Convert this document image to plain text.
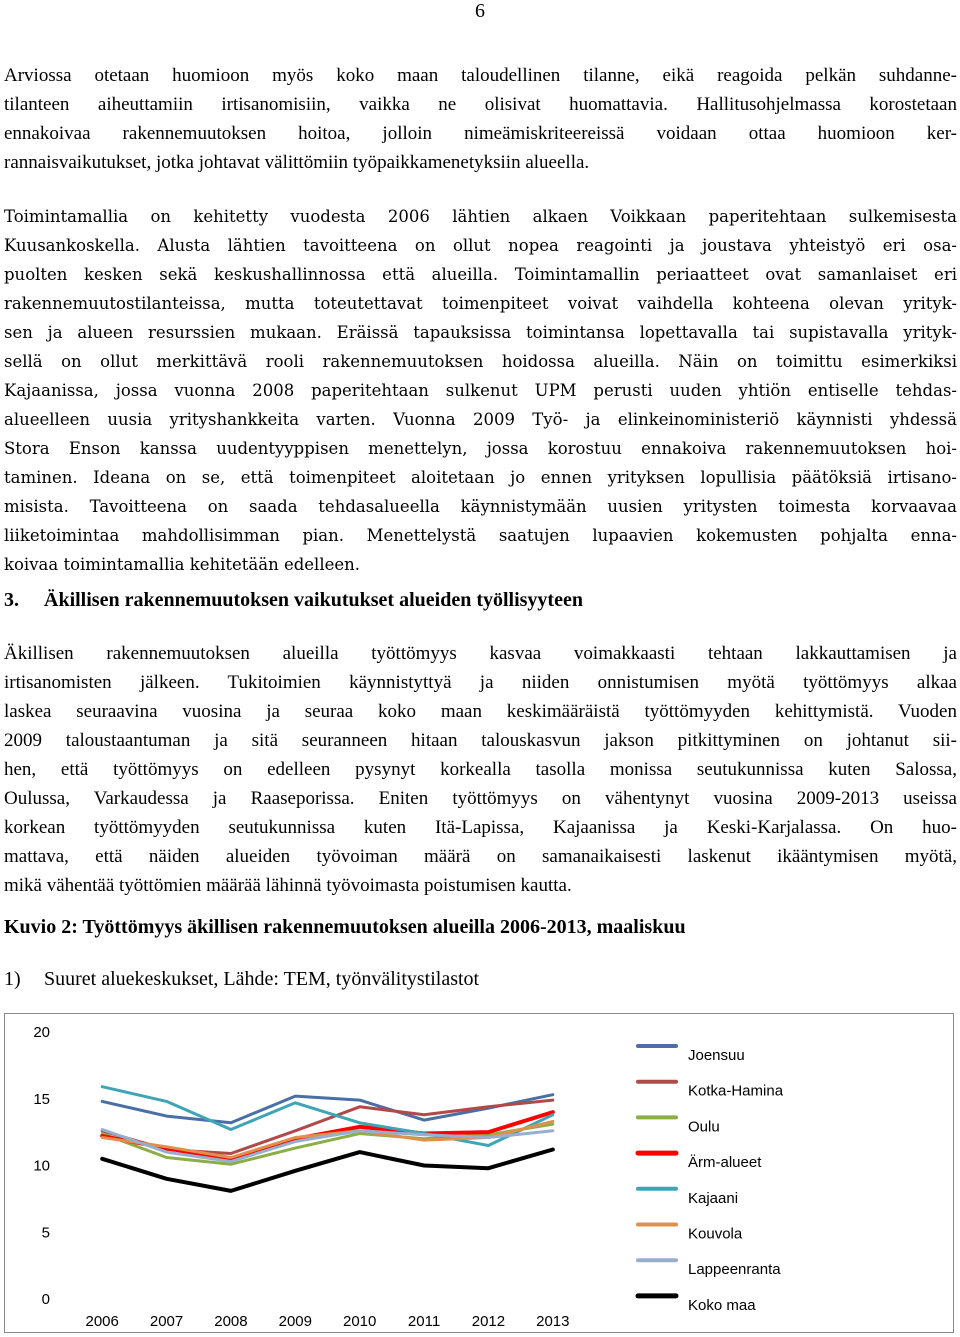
6

Arviossa otetaan huomioon myös koko maan taloudellinen tilanne, eikä reagoida pelkän suhdanne-
tilanteen aiheuttamiin irtisanomisiin, vaikka ne olisivat huomattavia. Hallitusohjelmassa korostetaan
ennakoivaa rakennemuutoksen hoitoa, jolloin nimeämiskriteereissä voidaan ottaa huomioon ker-
rannaisvaikutukset, jotka johtavat välittömiin työpaikkamenetyksiin alueella.

Toimintamallia on kehitetty vuodesta 2006 lähtien alkaen Voikkaan paperitehtaan sulkemisesta
Kuusankoskella. Alusta lähtien tavoitteena on ollut nopea reagointi ja joustava yhteistyö eri osa-
puolten kesken sekä keskushallinnossa että alueilla. Toimintamallin periaatteet ovat samanlaiset eri
rakennemuutostilanteissa, mutta toteutettavat toimenpiteet voivat vaihdella kohteena olevan yrityk-
sen ja alueen resurssien mukaan. Eräissä tapauksissa toimintansa lopettavalla tai supistavalla yrityk-
sellä on ollut merkittävä rooli rakennemuutoksen hoidossa alueilla. Näin on toimittu esimerkiksi
Kajaanissa, jossa vuonna 2008 paperitehtaan sulkenut UPM perusti uuden yhtiön entiselle tehdas-
alueelleen uusia yrityshankkeita varten. Vuonna 2009 Työ- ja elinkeinoministeriö käynnisti yhdessä
Stora Enson kanssa uudentyyppisen menettelyn, jossa korostuu ennakoiva rakennemuutoksen hoi-
taminen. Ideana on se, että toimenpiteet aloitetaan jo ennen yrityksen lopullisia päätöksiä irtisano-
misista. Tavoitteena on saada tehdasalueella käynnistymään uusien yritysten toimesta korvaavaa
liiketoimintaa mahdollisimman pian. Menettelystä saatujen lupaavien kokemusten pohjalta enna-
koivaa toimintamallia kehitetään edelleen.

3. Äkillisen rakennemuutoksen vaikutukset alueiden työllisyyteen

Äkillisen rakennemuutoksen alueilla työttömyys kasvaa voimakkaasti tehtaan lakkauttamisen ja
irtisanomisten jälkeen. Tukitoimien käynnistyttyä ja niiden onnistumisen myötä työttömyys alkaa
laskea seuraavina vuosina ja seuraa koko maan keskimääräistä työttömyyden kehittymistä. Vuoden
2009 taloustaantuman ja sitä seuranneen hitaan talouskasvun jakson pitkittyminen on johtanut sii-
hen, että työttömyys on edelleen pysynyt korkealla tasolla monissa seutukunnissa kuten Salossa,
Oulussa, Varkaudessa ja Raaseporissa. Eniten työttömyys on vähentynyt vuosina 2009-2013 useissa
korkean työttömyyden seutukunnissa kuten Itä-Lapissa, Kajaanissa ja Keski-Karjalassa. On huo-
mattava, että näiden alueiden työvoiman määrä on samanaikaisesti laskenut ikääntymisen myötä,
mikä vähentää työttömien määrää lähinnä työvoimasta poistumisen kautta.

Kuvio 2: Työttömyys äkillisen rakennemuutoksen alueilla 2006-2013, maaliskuu
1) Suuret aluekeskukset, Lähde: TEM, työnvälitystilastot
0
5
10
15
20
2006 2007 2008 2009 2010 2011 2012 2013
Joensuu
Kotka-Hamina
Oulu
Ärm-alueet
Kajaani
Kouvola
Lappeenranta
Koko maa
